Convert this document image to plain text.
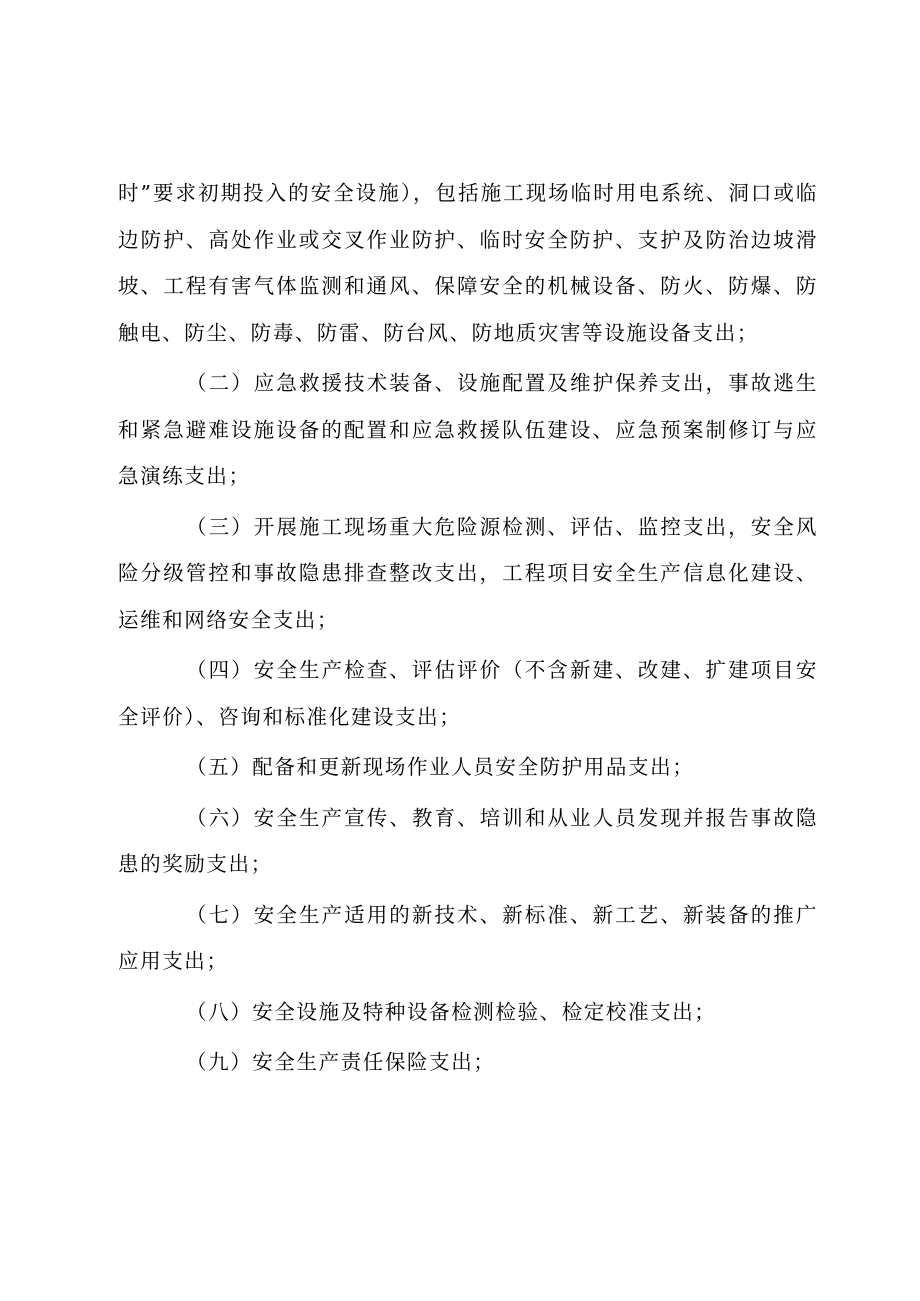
时”要求初期投入的安全设施），包括施工现场临时用电系统、洞口或临边防护、高处作业或交叉作业防护、临时安全防护、支护及防治边坡滑坡、工程有害气体监测和通风、保障安全的机械设备、防火、防爆、防触电、防尘、防毒、防雷、防台风、防地质灾害等设施设备支出；

（二）应急救援技术装备、设施配置及维护保养支出，事故逃生和紧急避难设施设备的配置和应急救援队伍建设、应急预案制修订与应急演练支出；

（三）开展施工现场重大危险源检测、评估、监控支出，安全风险分级管控和事故隐患排查整改支出，工程项目安全生产信息化建设、运维和网络安全支出；

（四）安全生产检查、评估评价（不含新建、改建、扩建项目安全评价）、咨询和标准化建设支出；

（五）配备和更新现场作业人员安全防护用品支出；

（六）安全生产宣传、教育、培训和从业人员发现并报告事故隐患的奖励支出；

（七）安全生产适用的新技术、新标准、新工艺、新装备的推广应用支出；

（八）安全设施及特种设备检测检验、检定校准支出；

（九）安全生产责任保险支出；
